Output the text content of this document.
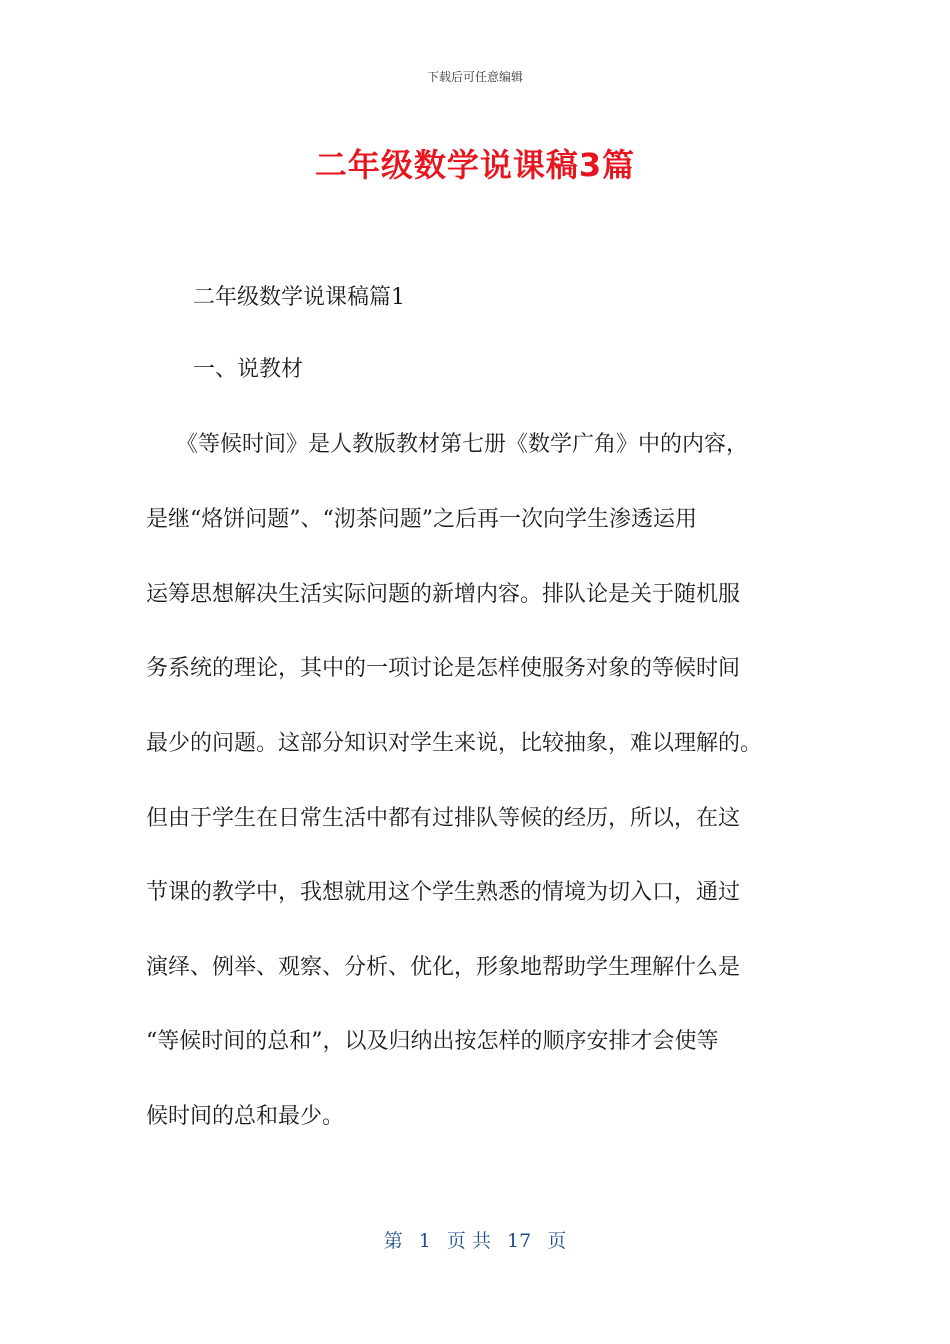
下载后可任意编辑
二年级数学说课稿3篇
二年级数学说课稿篇1
一、说教材
《等候时间》是人教版教材第七册《数学广角》中的内容，
是继“烙饼问题”、“沏茶问题”之后再一次向学生渗透运用
运筹思想解决生活实际问题的新增内容。排队论是关于随机服
务系统的理论，其中的一项讨论是怎样使服务对象的等候时间
最少的问题。这部分知识对学生来说，比较抽象，难以理解的。
但由于学生在日常生活中都有过排队等候的经历，所以，在这
节课的教学中，我想就用这个学生熟悉的情境为切入口，通过
演绎、例举、观察、分析、优化，形象地帮助学生理解什么是
“等候时间的总和”，以及归纳出按怎样的顺序安排才会使等
候时间的总和最少。
第 1 页 共 17 页
